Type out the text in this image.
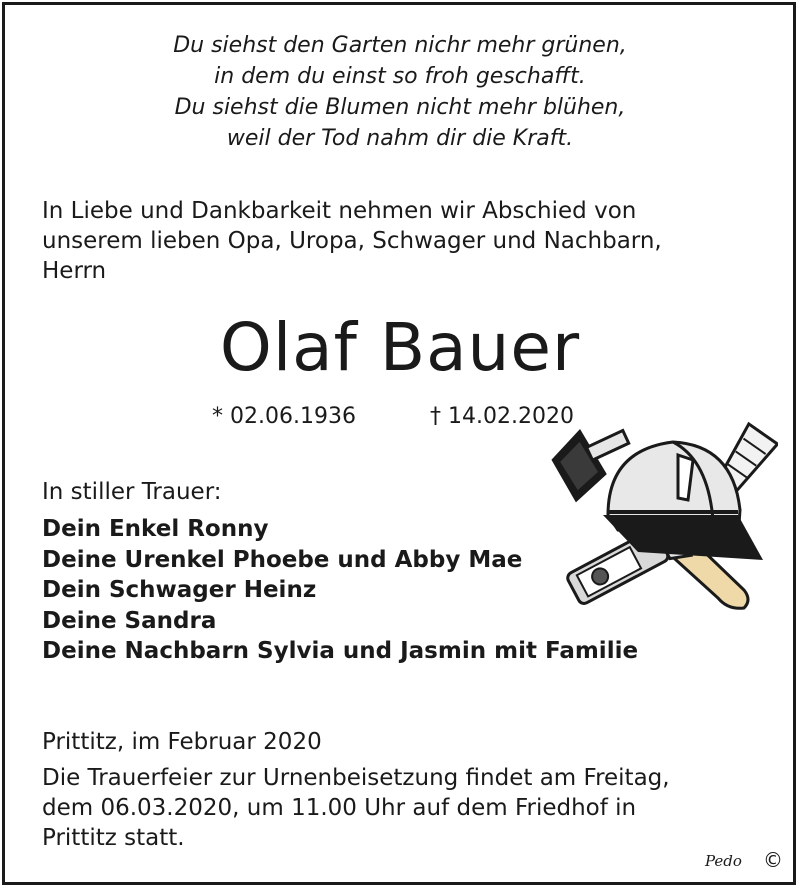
Du siehst den Garten nichr mehr grünen,
in dem du einst so froh geschafft.
Du siehst die Blumen nicht mehr blühen,
weil der Tod nahm dir die Kraft.
In Liebe und Dankbarkeit nehmen wir Abschied von
unserem lieben Opa, Uropa, Schwager und Nachbarn,
Herrn
Olaf Bauer
* 02.06.1936	† 14.02.2020
In stiller Trauer:
Dein Enkel Ronny
Deine Urenkel Phoebe und Abby Mae
Dein Schwager Heinz
Deine Sandra
Deine Nachbarn Sylvia und Jasmin mit Familie
Prittitz, im Februar 2020
Die Trauerfeier zur Urnenbeisetzung findet am Freitag,
dem 06.03.2020, um 11.00 Uhr auf dem Friedhof in
Prittitz statt.
Pedo ©
